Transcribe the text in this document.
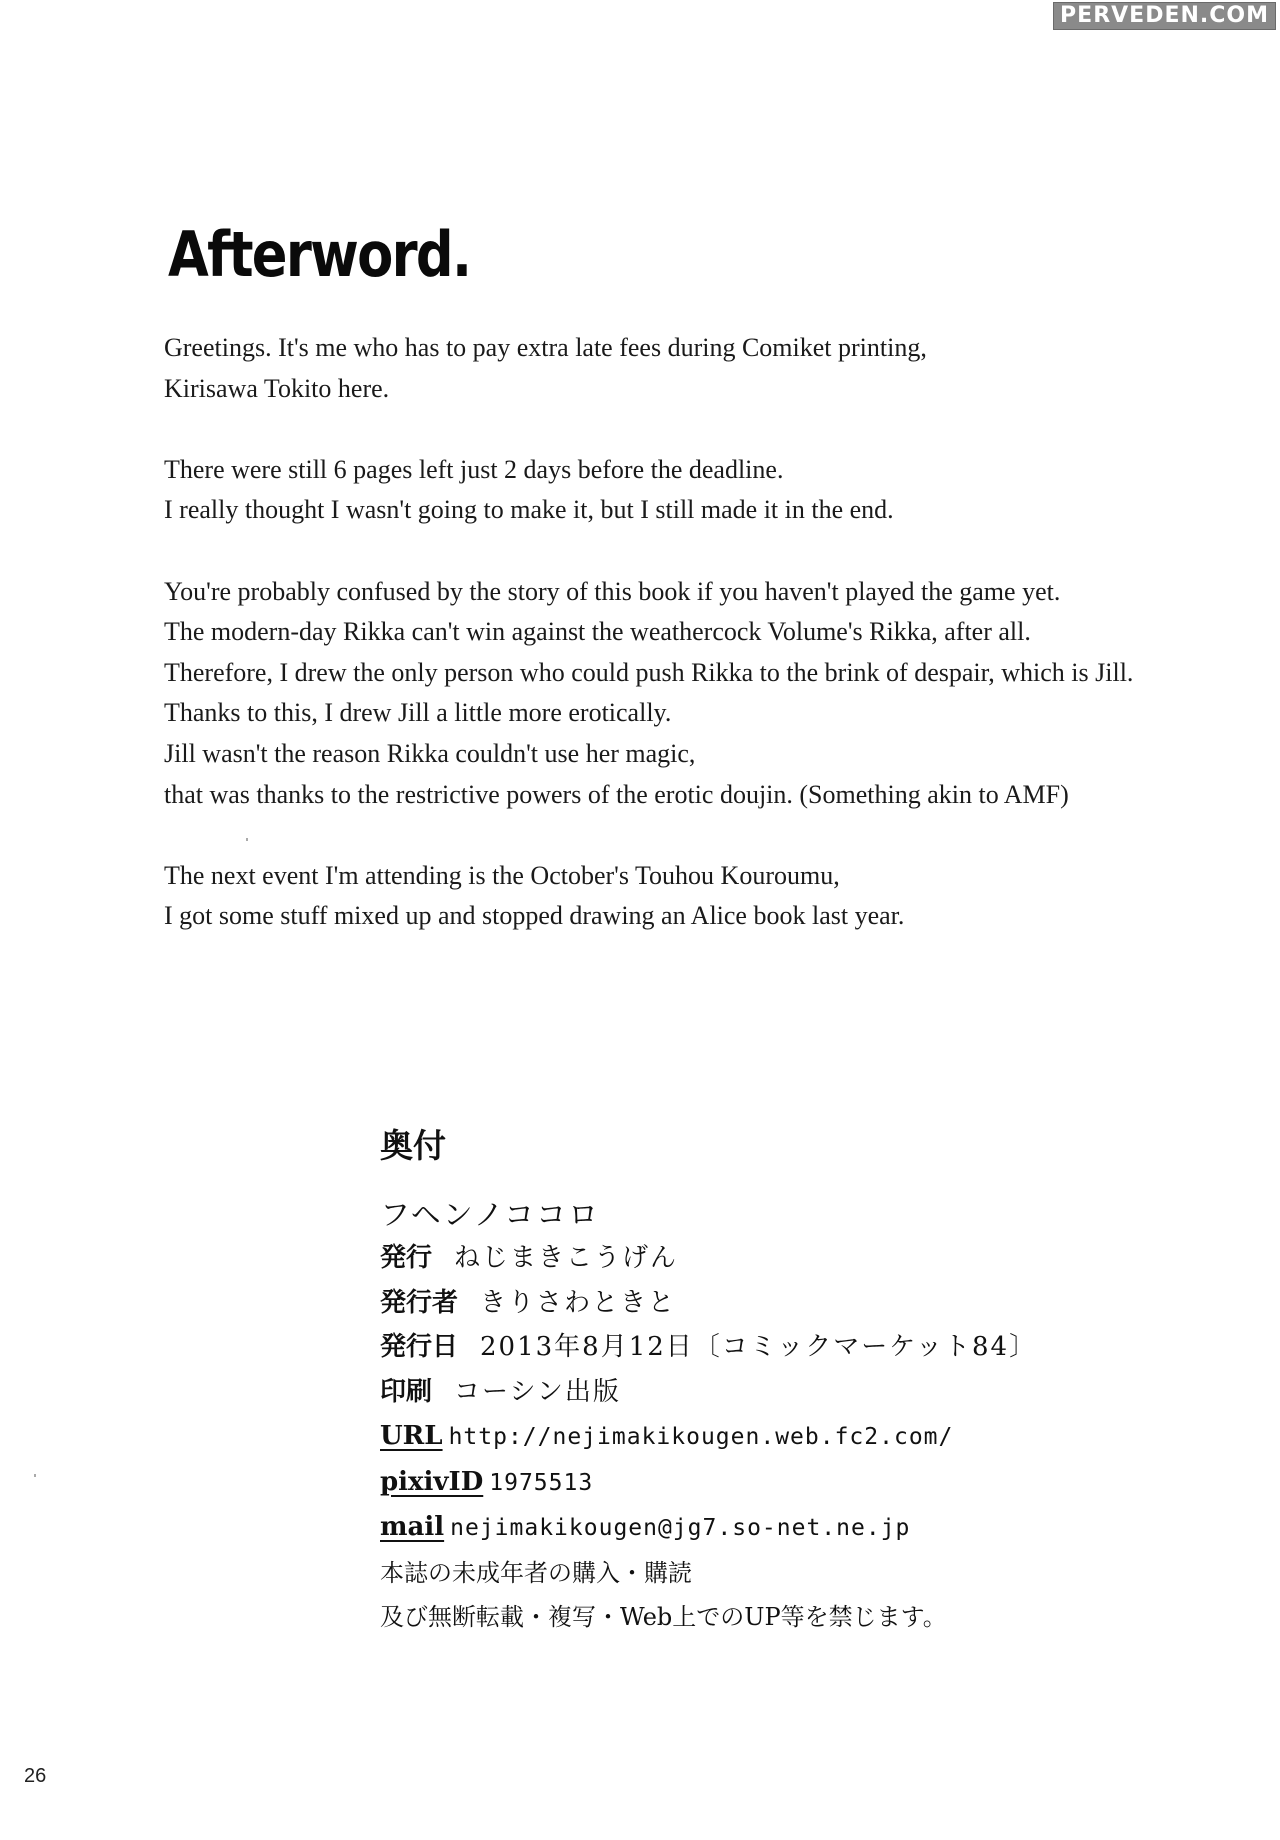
PERVEDEN.COM
Afterword.

Greetings. It's me who has to pay extra late fees during Comiket printing,
Kirisawa Tokito here.

There were still 6 pages left just 2 days before the deadline.
I really thought I wasn't going to make it, but I still made it in the end.

You're probably confused by the story of this book if you haven't played the game yet.
The modern-day Rikka can't win against the weathercock Volume's Rikka, after all.
Therefore, I drew the only person who could push Rikka to the brink of despair, which is Jill.
Thanks to this, I drew Jill a little more erotically.
Jill wasn't the reason Rikka couldn't use her magic,
that was thanks to the restrictive powers of the erotic doujin. (Something akin to AMF)

The next event I'm attending is the October's Touhou Kouroumu,
I got some stuff mixed up and stopped drawing an Alice book last year.

奥付
フヘンノココロ
発行 ねじまきこうげん
発行者 きりさわときと
発行日 2013年8月12日〔コミックマーケット84〕
印刷 コーシン出版
URL http://nejimakikougen.web.fc2.com/
pixivID 1975513
mail nejimakikougen@jg7.so-net.ne.jp
本誌の未成年者の購入・購読
及び無断転載・複写・Web上でのUP等を禁じます。
26
